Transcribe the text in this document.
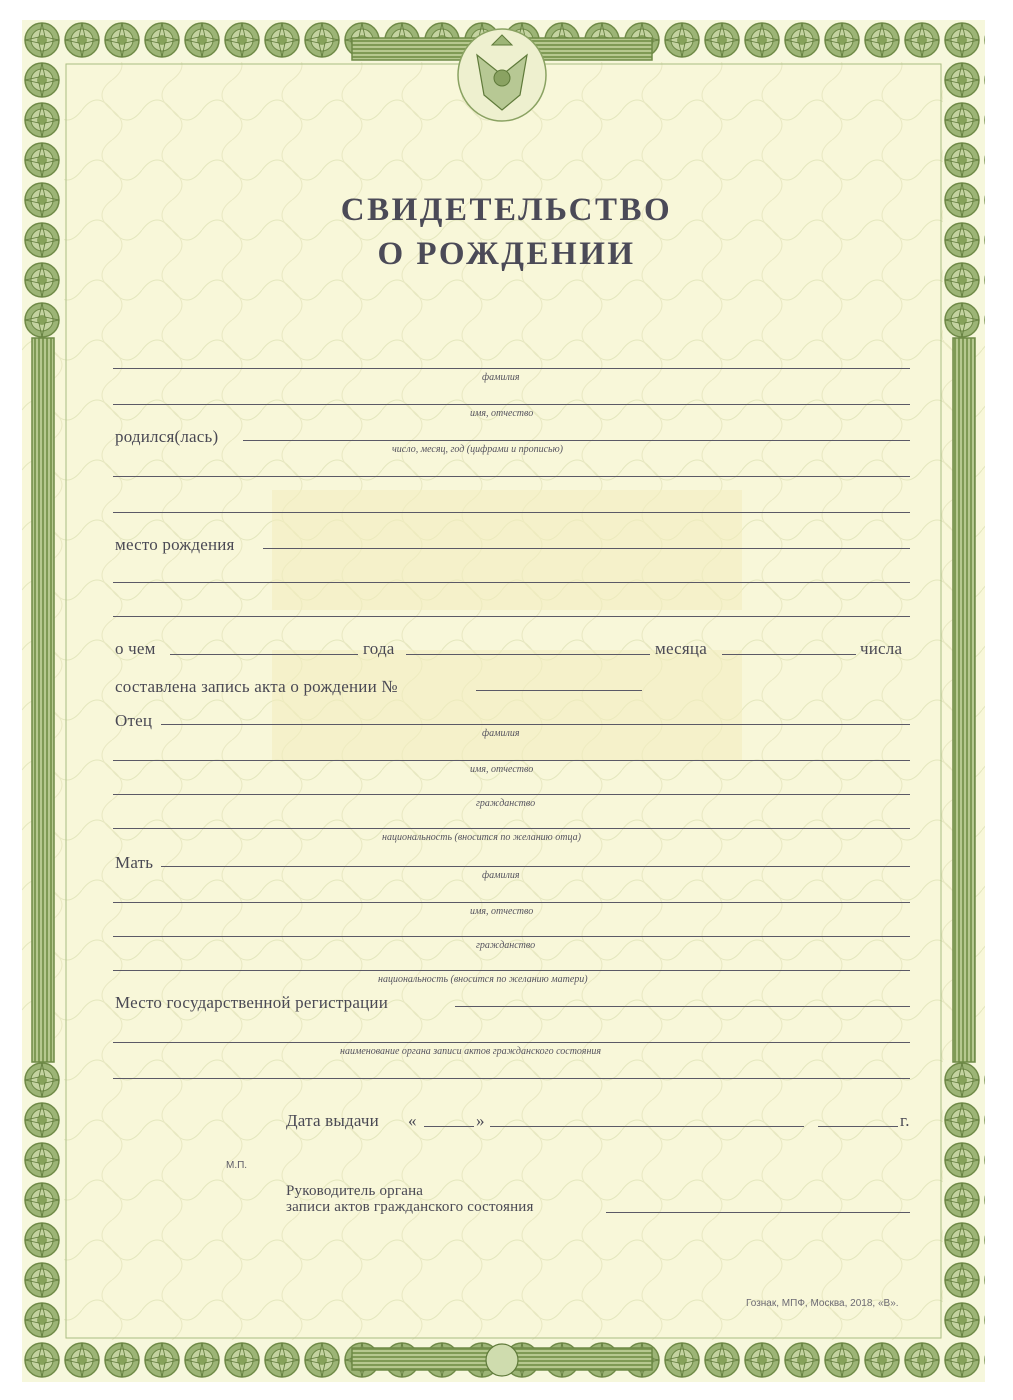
СВИДЕТЕЛЬСТВО
О РОЖДЕНИИ
фамилия
имя, отчество
родился(лась)
число, месяц, год (цифрами и прописью)
место рождения
о чем	года	месяца	числа
составлена запись акта о рождении №
Отец
фамилия
имя, отчество
гражданство
национальность (вносится по желанию отца)
Мать
фамилия
имя, отчество
гражданство
национальность (вносится по желанию матери)
Место государственной регистрации
наименование органа записи актов гражданского состояния
Дата выдачи «	»	г.
М.П.
Руководитель органа
записи актов гражданского состояния
Гознак, МПФ, Москва, 2018, «В».
